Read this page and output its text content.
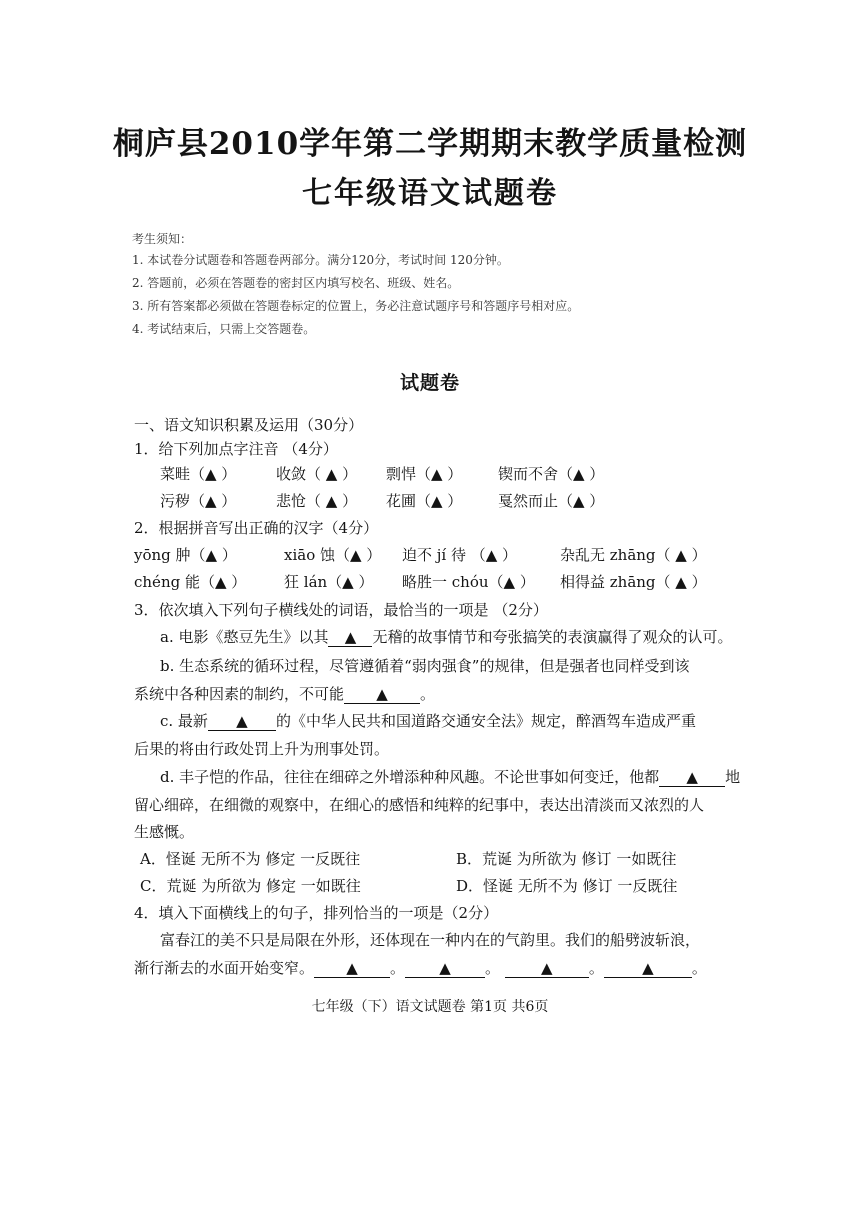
桐庐县2010学年第二学期期末教学质量检测
七年级语文试题卷
考生须知：
1. 本试卷分试题卷和答题卷两部分。满分120分，考试时间 120分钟。
2. 答题前，必须在答题卷的密封区内填写校名、班级、姓名。
3. 所有答案都必须做在答题卷标定的位置上，务必注意试题序号和答题序号相对应。
4. 考试结束后，只需上交答题卷。
试题卷
一、语文知识积累及运用（30分）
1．给下列加点字注音 （4分）
菜畦（▲ ）	收敛（ ▲ ） 剽悍（▲ ） 锲而不舍（▲ ）
污秽（▲ ）	悲怆（ ▲ ） 花圃（▲ ） 戛然而止（▲ ）
2．根据拼音写出正确的汉字（4分）
yōng 肿（▲ ）	xiāo 蚀（▲ ） 迫不 jí 待 （▲ ）	杂乱无 zhāng（ ▲ ）
chéng 能（▲ ）	狂 lán（▲ ） 略胜一 chóu（▲ ） 相得益 zhāng（ ▲ ）
3．依次填入下列句子横线处的词语，最恰当的一项是 （2分）
a. 电影《憨豆先生》以其 ▲ 无稽的故事情节和夸张搞笑的表演赢得了观众的认可。
b. 生态系统的循环过程，尽管遵循着“弱肉强食”的规律，但是强者也同样受到该
系统中各种因素的制约，不可能 ▲ 。
c. 最新 ▲ 的《中华人民共和国道路交通安全法》规定，醉酒驾车造成严重
后果的将由行政处罚上升为刑事处罚。
d. 丰子恺的作品，往往在细碎之外增添种种风趣。不论世事如何变迁，他都 ▲ 地
留心细碎，在细微的观察中，在细心的感悟和纯粹的纪事中，表达出清淡而又浓烈的人
生感慨。
A．怪诞 无所不为 修定 一反既往	B．荒诞 为所欲为 修订 一如既往
C．荒诞 为所欲为 修定 一如既往	D．怪诞 无所不为 修订 一反既往
4．填入下面横线上的句子，排列恰当的一项是（2分）
富春江的美不只是局限在外形，还体现在一种内在的气韵里。我们的船劈波斩浪，
渐行渐去的水面开始变窄。 ▲ 。 ▲ 。	▲ 。	▲	。
七年级（下）语文试题卷 第1页 共6页
